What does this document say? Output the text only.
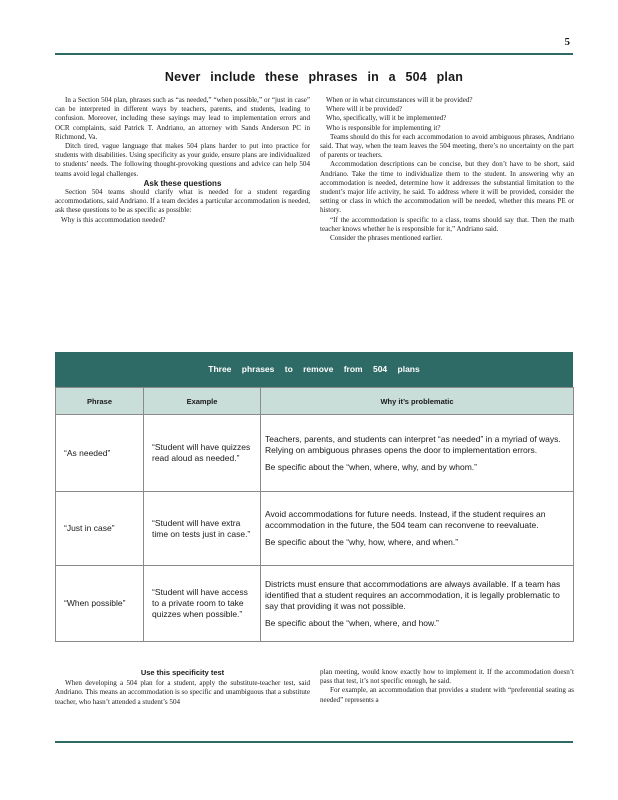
5
Never include these phrases in a 504 plan

In a Section 504 plan, phrases such as “as needed,” “when possible,” or “just in case” can be interpreted in different ways by teachers, parents, and students, leading to confusion. Moreover, including these sayings may lead to implementation errors and OCR complaints, said Patrick T. Andriano, an attorney with Sands Anderson PC in Richmond, Va.

Ditch tired, vague language that makes 504 plans harder to put into practice for students with disabilities. Using specificity as your guide, ensure plans are individualized to students’ needs. The following thought-provoking questions and advice can help 504 teams avoid legal challenges.

Ask these questions

Section 504 teams should clarify what is needed for a student regarding accommodations, said Andriano. If a team decides a particular accommodation is needed, ask these questions to be as specific as possible:

Why is this accommodation needed?

When or in what circumstances will it be provided?

Where will it be provided?

Who, specifically, will it be implemented?

Who is responsible for implementing it?

Teams should do this for each accommodation to avoid ambiguous phrases, Andriano said. That way, when the team leaves the 504 meeting, there’s no uncertainty on the part of parents or teachers.

Accommodation descriptions can be concise, but they don’t have to be short, said Andriano. Take the time to individualize them to the student. In answering why an accommodation is needed, determine how it addresses the substantial limitation to the student’s major life activity, he said. To address where it will be provided, consider the setting or class in which the accommodation will be needed, whether this means PE or history.

“If the accommodation is specific to a class, teams should say that. Then the math teacher knows whether he is responsible for it,” Andriano said.

Consider the phrases mentioned earlier.

Three phrases to remove from 504 plans
Phrase	Example	Why it’s problematic
“As needed”	“Student will have quizzes read aloud as needed.”	Teachers, parents, and students can interpret “as needed” in a myriad of ways. Relying on ambiguous phrases opens the door to implementation errors.

Be specific about the “when, where, why, and by whom.”

“Just in case”	“Student will have extra time on tests just in case.”	Avoid accommodations for future needs. Instead, if the student requires an accommodation in the future, the 504 team can reconvene to reevaluate.

Be specific about the “why, how, where, and when.”

“When possible”	“Student will have access to a private room to take quizzes when possible.”	Districts must ensure that accommodations are always available. If a team has identified that a student requires an accommodation, it is legally problematic to say that providing it was not possible.

Be specific about the “when, where, and how.”

Use this specificity test

When developing a 504 plan for a student, apply the substitute-teacher test, said Andriano. This means an accommodation is so specific and unambiguous that a substitute teacher, who hasn’t attended a student’s 504

plan meeting, would know exactly how to implement it. If the accommodation doesn’t pass that test, it’s not specific enough, he said.

For example, an accommodation that provides a student with “preferential seating as needed” represents a
